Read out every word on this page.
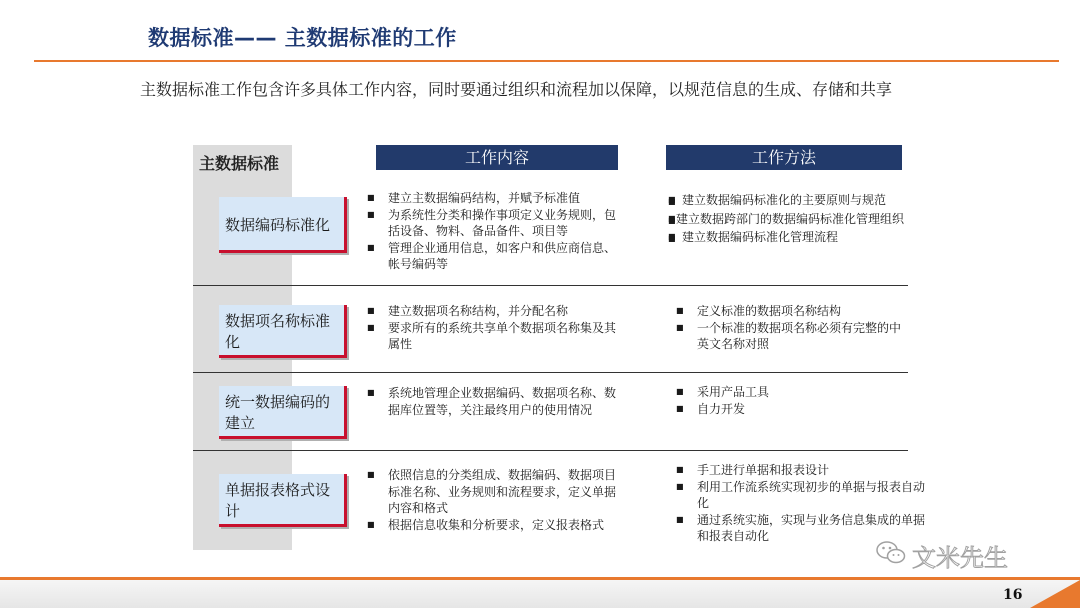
数据标准—— 主数据标准的工作
主数据标准工作包含许多具体工作内容，同时要通过组织和流程加以保障，以规范信息的生成、存储和共享
主数据标准	工作内容	工作方法
数据编码标准化
■ 建立主数据编码结构，并赋予标准值
■ 为系统性分类和操作事项定义业务规则，包括设备、物料、备品备件、项目等
■ 管理企业通用信息，如客户和供应商信息、帐号编码等
■ ■ 建立数据编码标准化的主要原则与规范
■ ■建立数据跨部门的数据编码标准化管理组织
■ ■ 建立数据编码标准化管理流程
数据项名称标准化
■ 建立数据项名称结构，并分配名称
■ 要求所有的系统共享单个数据项名称集及其属性
■ 定义标准的数据项名称结构
■ 一个标准的数据项名称必须有完整的中英文名称对照
统一数据编码的建立
■ 系统地管理企业数据编码、数据项名称、数据库位置等，关注最终用户的使用情况
■ 采用产品工具
■ 自力开发
单据报表格式设计
■ 依照信息的分类组成、数据编码、数据项目标准名称、业务规则和流程要求，定义单据内容和格式
■ 根据信息收集和分析要求，定义报表格式
■ 手工进行单据和报表设计
■ 利用工作流系统实现初步的单据与报表自动化
■ 通过系统实施，实现与业务信息集成的单据和报表自动化
文米先生
16
